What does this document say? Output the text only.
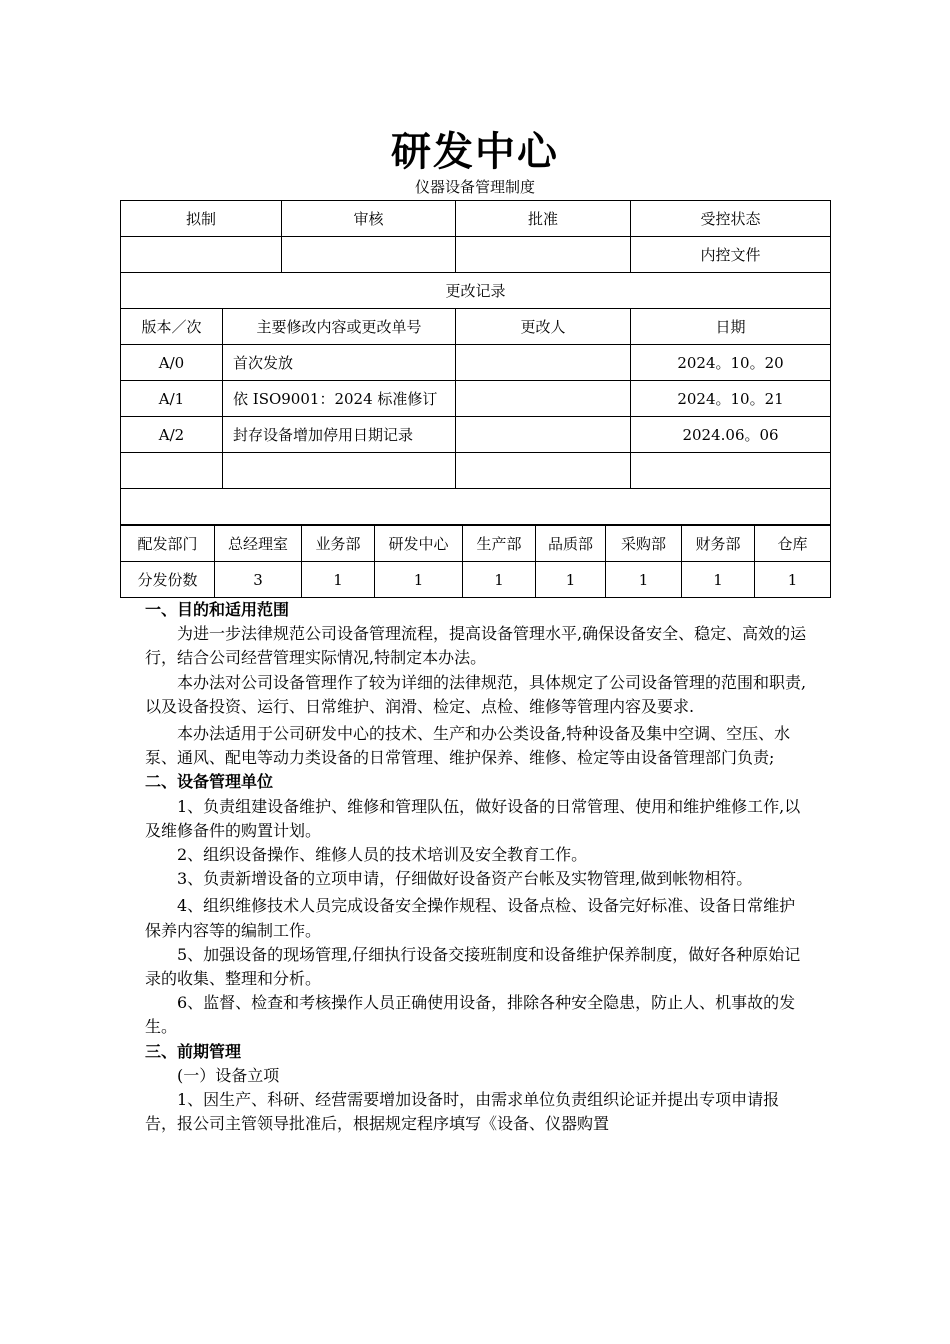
研发中心
仪器设备管理制度
拟制		审核	批准	受控状态
				内控文件
更改记录				
版本／次	主要修改内容或更改单号		更改人	日期
A/0	首次发放			2024。10。20
A/1	依 ISO9001：2024 标准修订			2024。10。21
A/2	封存设备增加停用日期记录			2024.06。06

配发部门	总经理室	业务部	研发中心	生产部	品质部	采购部	财务部	仓库
分发份数	3	1	1	1	1	1	1	1

一、目的和适用范围

为进一步法律规范公司设备管理流程，提高设备管理水平,确保设备安全、稳定、高效的运行，结合公司经营管理实际情况,特制定本办法。

本办法对公司设备管理作了较为详细的法律规范，具体规定了公司设备管理的范围和职责,以及设备投资、运行、日常维护、润滑、检定、点检、维修等管理内容及要求.

本办法适用于公司研发中心的技术、生产和办公类设备,特种设备及集中空调、空压、水泵、通风、配电等动力类设备的日常管理、维护保养、维修、检定等由设备管理部门负责;

二、设备管理单位

1、负责组建设备维护、维修和管理队伍，做好设备的日常管理、使用和维护维修工作,以及维修备件的购置计划。

2、组织设备操作、维修人员的技术培训及安全教育工作。

3、负责新增设备的立项申请，仔细做好设备资产台帐及实物管理,做到帐物相符。

4、组织维修技术人员完成设备安全操作规程、设备点检、设备完好标准、设备日常维护保养内容等的编制工作。

5、加强设备的现场管理,仔细执行设备交接班制度和设备维护保养制度，做好各种原始记录的收集、整理和分析。

6、监督、检查和考核操作人员正确使用设备，排除各种安全隐患，防止人、机事故的发生。

三、前期管理

(一）设备立项

1、因生产、科研、经营需要增加设备时，由需求单位负责组织论证并提出专项申请报告，报公司主管领导批准后，根据规定程序填写《设备、仪器购置
